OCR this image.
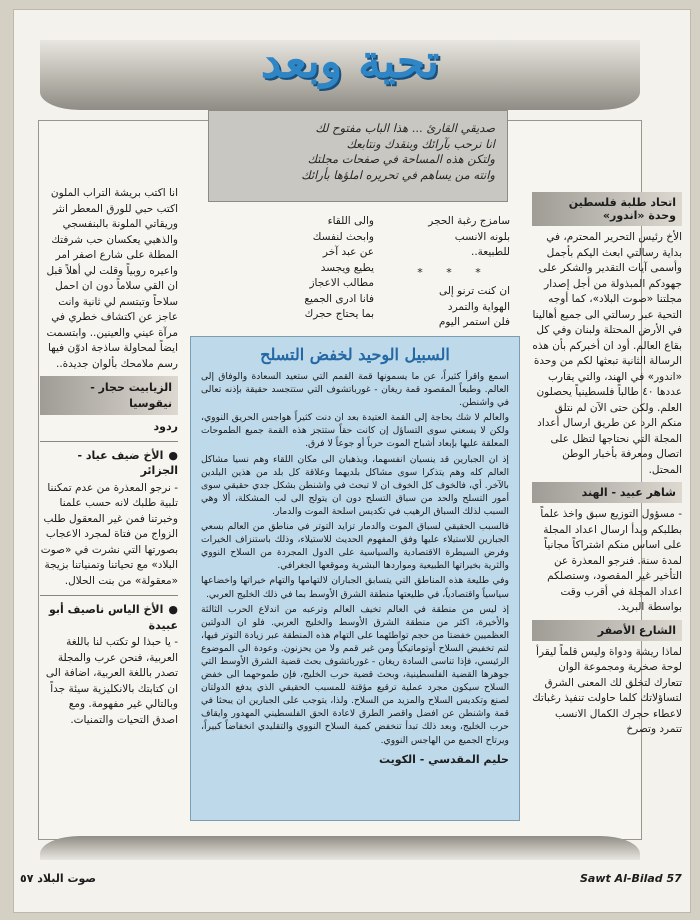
تحية وبعد
صديقي القارئ ... هذا الباب مفتوح لك
انا نرحب بآرائك وبنقدك ونتابعك
ولتكن هذه المساحة في صفحات مجلتك
وانته من يساهم في تحريره املؤها بأرائك
اتحاد طلبة فلسطين وحدة «اندور»
الأخ رئيس التحرير المحترم، في بداية رسالتي ابعث اليكم بأجمل وأسمى آيات التقدير والشكر على جهودكم المبذولة من أجل إصدار مجلتنا «صوت البلاد»، كما أوجه التحية عبر رسالتي الى جميع أهالينا في الأرض المحتلة ولبنان وفي كل بقاع العالم. أود ان أخبركم بأن هذه الرسالة الثانية تبعثها لكم من وحدة «اندور» في الهند، والتي يقارب عددها ٤٠ طالباً فلسطينياً يحصلون العلم. ولكن حتى الآن لم نتلق منكم الرد عن طريق ارسال أعداد المجلة التي نحتاجها لتظل على اتصال ومعرفة بأخبار الوطن المحتل.
شاهر عبيد - الهند
- مسؤول التوزيع سبق واخذ علماً بطلبكم وبدأ ارسال اعداد المجلة على اساس منكم اشتراكاً مجانياً لمدة سنة. فنرجو المعذرة عن التأخير غير المقصود، وستصلكم اعداد المجلة في أقرب وقت بواسطة البريد.
الشارع الأصفر
لماذا ريشة ودواة وليس قلماً ليقرأ لوحة صخرية ومجموعة الوان تتعارك لتخلق لك المعنى الشرق لتساؤلاتك كلما حاولت تنفيذ رغباتك لاعطاء حجرك الكمال الانسب تتمرد وتصرخ
سامزج رغبة الحجر
بلونه الانسب
للطبيعة..
* * *
ان كنت ترنو إلى
الهواية والتمرد
فلن استمر اليوم
والى اللقاء
وابحث لنفسك
عن عبد آخر
يطيع ويجسد
مطالب الاعجاز
فانا ادرى الجميع
بما يحتاج حجرك
انا اكتب بريشة التراب الملون اكتب حبي للورق المعطر انثر وريقاتي الملونة بالبنفسجي والذهبي يعكسان حب شرفتك المطلة على شارع اصفر امر واعيره روبياً وقلت لي أهلاً قبل ان القي سلاماً دون ان احمل سلاحاً وتبتسم لي ثانية وانت عاجز عن اكتشاف خطري في مرآة عيني والعينين.. وابتسمت ايضاً لمحاولة ساذجة ادوّن فيها رسم ملامحك بألوان جديدة..
الزيابيت حجار - نيقوسيا
ردود
● الأخ ضيف عياد - الجزائر
- نرجو المعذرة من عدم تمكننا تلبية طلبك لانه حسب علمنا وخبرتنا فمن غير المعقول طلب الزواج من فتاة لمجرد الاعجاب بصورتها التي نشرت في «صوت البلاد» مع تحياتنا وتمنياتنا بزيجة «معقولة» من بنت الحلال.
● الأخ الياس ناصيف أبو عبيدة
- يا حبذا لو تكتب لنا باللغة العربية، فنحن عرب والمجلة تصدر باللغة العربية، اضافة الى ان كتابتك بالانكليزية سيئة جداً وبالتالي غير مفهومة. ومع اصدق التحيات والتمنيات.
السبيل الوحيد لخفض التسلح

اسمع واقرأ كثيراً، عن ما يسمونها قمة القمم التي ستعيد السعادة والوفاق إلى العالم. وطبعاً المقصود قمة ريغان - غورباتشوف التي ستتجسد حقيقة بإذنه تعالى في واشنطن.

والعالم لا شك بحاجة إلى القمة العتيدة بعد ان دنت كثيراً هواجس الحريق النووي، ولكن لا يسعني سوى التساؤل إن كانت حقاً ستتجز هذه القمة جميع الطموحات المعلقة عليها بإبعاد أشباح الموت حرباً أو جوعاً لا فرق.

إذ ان الجبارين قد ينسيان انفسهما، ويذهبان الى مكان اللقاء وهم نسيا مشاكل العالم كله وهم يتذكرا سوى مشاكل بلديهما وعلاقة كل بلد من هذين البلدين بالآخر. أي، فالخوف كل الخوف ان لا تبحث في واشنطن بشكل جدي حقيقي سوى أمور التسلح والحد من سباق التسلح دون ان يتولج الى لب المشكلة، ألا وهي السبب لذلك السباق الرهيب في تكديس اسلحة الموت والدمار.

فالسبب الحقيقي لسباق الموت والدمار تزايد التوتر في مناطق من العالم بسعي الجبارين للاستيلاء عليها وفق المفهوم الحديث للاستيلاء، وذلك باستنزاف الخيرات وفرض السيطرة الاقتصادية والسياسية على الدول المجردة من السلاح النووي والثرية بخيراتها الطبيعية ومواردها البشرية وموقعها الجغرافي.

وفي طليعة هذه المناطق التي يتسابق الجباران لالتهامها والتهام خيراتها واخضاعها سياسياً واقتصادياً، في طليعتها منطقة الشرق الأوسط بما في ذلك الخليج العربي.

إذ ليس من منطقة في العالم تخيف العالم وترعبه من اندلاع الحرب الثالثة والأخيرة، اكثر من منطقة الشرق الأوسط والخليج العربي. فلو ان الدولتين العظميين خفضتا من حجم تواطئهما على التهام هذه المنطقة عبر زيادة التوتر فيها، لتم تخفيض السلاح أوتوماتيكياً ومن غير قمم ولا من يحزنون. وعودة الى الموضوع الرئيسي، فإذا تناسى السادة ريغان - غورباتشوف بحث قضية الشرق الأوسط التي جوهرها القضية الفلسطينية، وبحث قضية حرب الخليج، فإن طموحهما الى خفض السلاح سيكون مجرد عملية ترقيع مؤقتة للمسبب الحقيقي الذي يدفع الدولتان لصنع وتكديس السلاح والمزيد من السلاح. ولذا، يتوجب على الجبارين ان يبحثا في قمة واشنطن عن افضل واقصر الطرق لاعادة الحق الفلسطيني المهدور وايقاف حرب الخليج، وبعد ذلك تبدأ تنخفض كمية السلاح النووي والتقليدي انخفاضاً كبيراً، ويرتاح الجميع من الهاجس النووي.

حليم المقدسي - الكويت
صوت البلاد ٥٧	Sawt Al-Bilad 57
